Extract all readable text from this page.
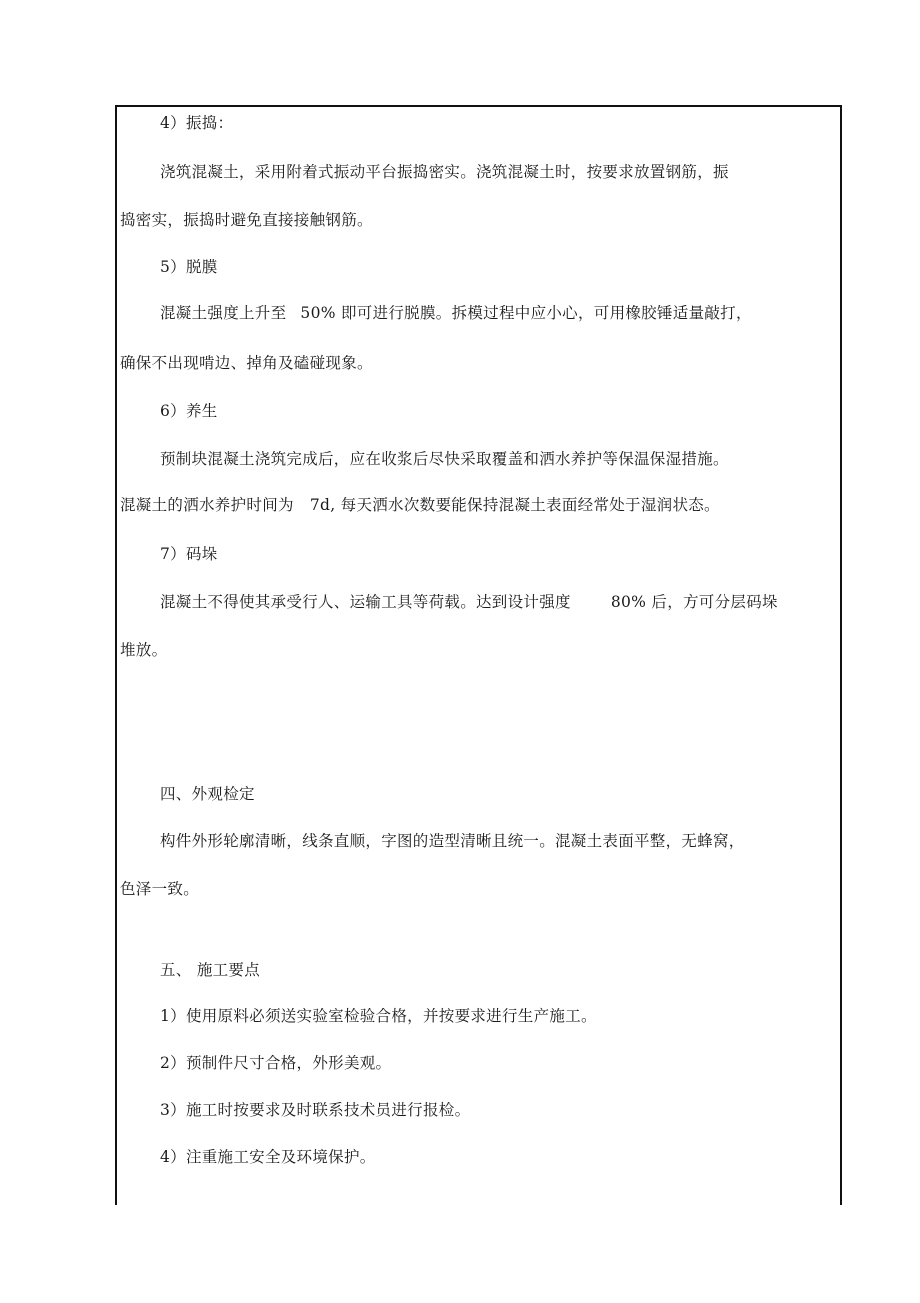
4）振捣：
浇筑混凝土，采用附着式振动平台振捣密实。浇筑混凝土时，按要求放置钢筋，振
捣密实，振捣时避免直接接触钢筋。
5）脱膜
混凝土强度上升至 50% 即可进行脱膜。拆模过程中应小心，可用橡胶锤适量敲打，
确保不出现啃边、掉角及磕碰现象。
6）养生
预制块混凝土浇筑完成后，应在收浆后尽快采取覆盖和洒水养护等保温保湿措施。
混凝土的洒水养护时间为 7d, 每天洒水次数要能保持混凝土表面经常处于湿润状态。
7）码垛
混凝土不得使其承受行人、运输工具等荷载。达到设计强度	80% 后，方可分层码垛
堆放。
四、外观检定
构件外形轮廓清晰，线条直顺，字图的造型清晰且统一。混凝土表面平整，无蜂窝，
色泽一致。
五、 施工要点
1）使用原料必须送实验室检验合格，并按要求进行生产施工。
2）预制件尺寸合格，外形美观。
3）施工时按要求及时联系技术员进行报检。
4）注重施工安全及环境保护。
